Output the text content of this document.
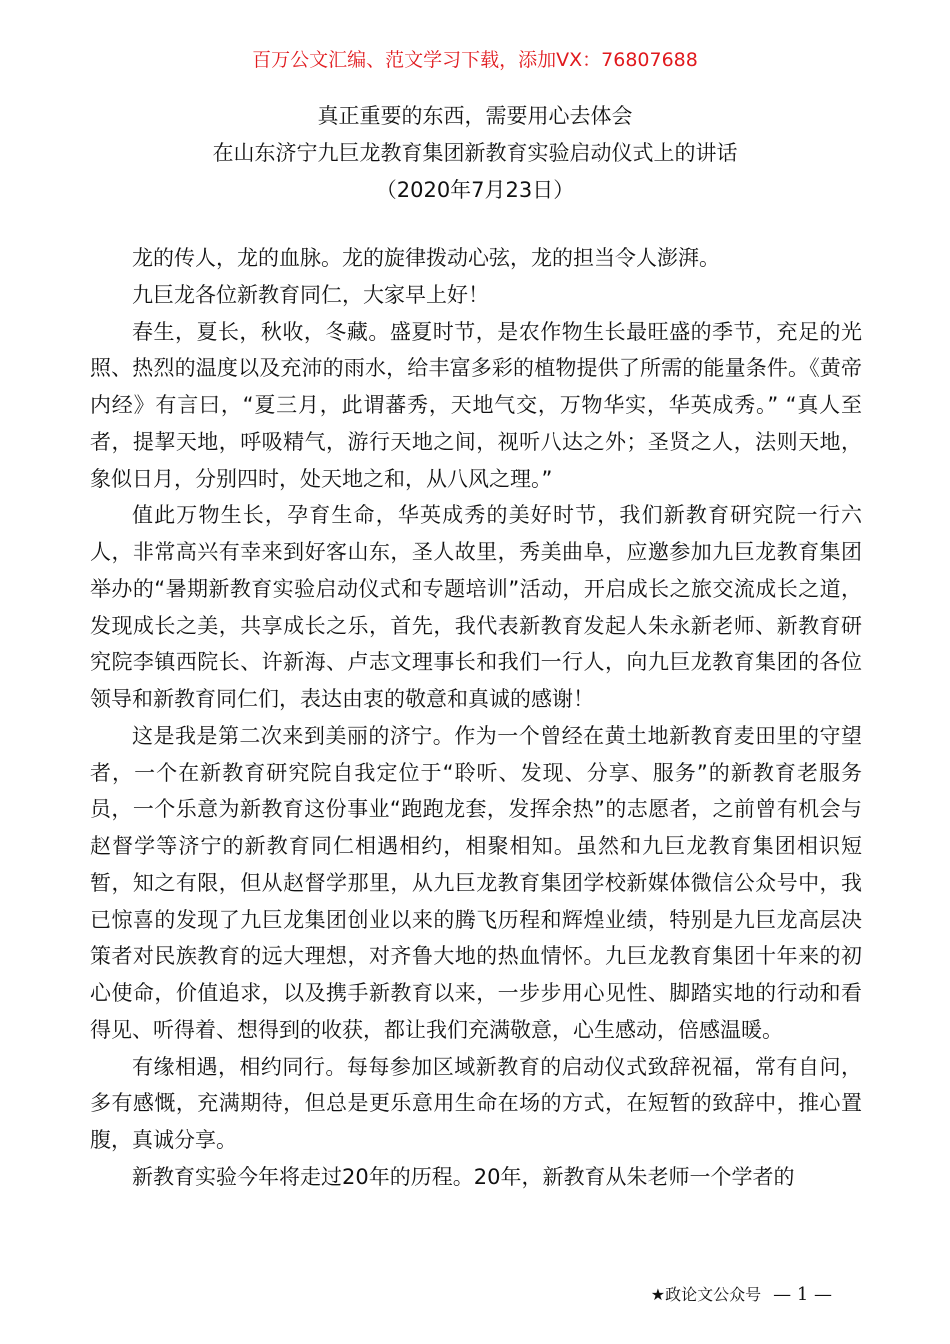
百万公文汇编、范文学习下载，添加VX：76807688
真正重要的东西，需要用心去体会
在山东济宁九巨龙教育集团新教育实验启动仪式上的讲话
（2020年7月23日）

龙的传人，龙的血脉。龙的旋律拨动心弦，龙的担当令人澎湃。

九巨龙各位新教育同仁，大家早上好！

春生，夏长，秋收，冬藏。盛夏时节，是农作物生长最旺盛的季节，充足的光照、热烈的温度以及充沛的雨水，给丰富多彩的植物提供了所需的能量条件。《黄帝内经》有言曰，“夏三月，此谓蕃秀，天地气交，万物华实，华英成秀。” “真人至者，提挈天地，呼吸精气，游行天地之间，视听八达之外；圣贤之人，法则天地，象似日月，分别四时，处天地之和，从八风之理。”

值此万物生长，孕育生命，华英成秀的美好时节，我们新教育研究院一行六人，非常高兴有幸来到好客山东，圣人故里，秀美曲阜，应邀参加九巨龙教育集团举办的“暑期新教育实验启动仪式和专题培训”活动，开启成长之旅交流成长之道，发现成长之美，共享成长之乐，首先，我代表新教育发起人朱永新老师、新教育研究院李镇西院长、许新海、卢志文理事长和我们一行人，向九巨龙教育集团的各位领导和新教育同仁们，表达由衷的敬意和真诚的感谢！

这是我是第二次来到美丽的济宁。作为一个曾经在黄土地新教育麦田里的守望者，一个在新教育研究院自我定位于“聆听、发现、分享、服务”的新教育老服务员，一个乐意为新教育这份事业“跑跑龙套，发挥余热”的志愿者，之前曾有机会与赵督学等济宁的新教育同仁相遇相约，相聚相知。虽然和九巨龙教育集团相识短暂，知之有限，但从赵督学那里，从九巨龙教育集团学校新媒体微信公众号中，我已惊喜的发现了九巨龙集团创业以来的腾飞历程和辉煌业绩，特别是九巨龙高层决策者对民族教育的远大理想，对齐鲁大地的热血情怀。九巨龙教育集团十年来的初心使命，价值追求，以及携手新教育以来，一步步用心见性、脚踏实地的行动和看得见、听得着、想得到的收获，都让我们充满敬意，心生感动，倍感温暖。

有缘相遇，相约同行。每每参加区域新教育的启动仪式致辞祝福，常有自问，多有感慨，充满期待，但总是更乐意用生命在场的方式，在短暂的致辞中，推心置腹，真诚分享。

新教育实验今年将走过20年的历程。20年，新教育从朱老师一个学者的

★政论文公众号 — 1 —
